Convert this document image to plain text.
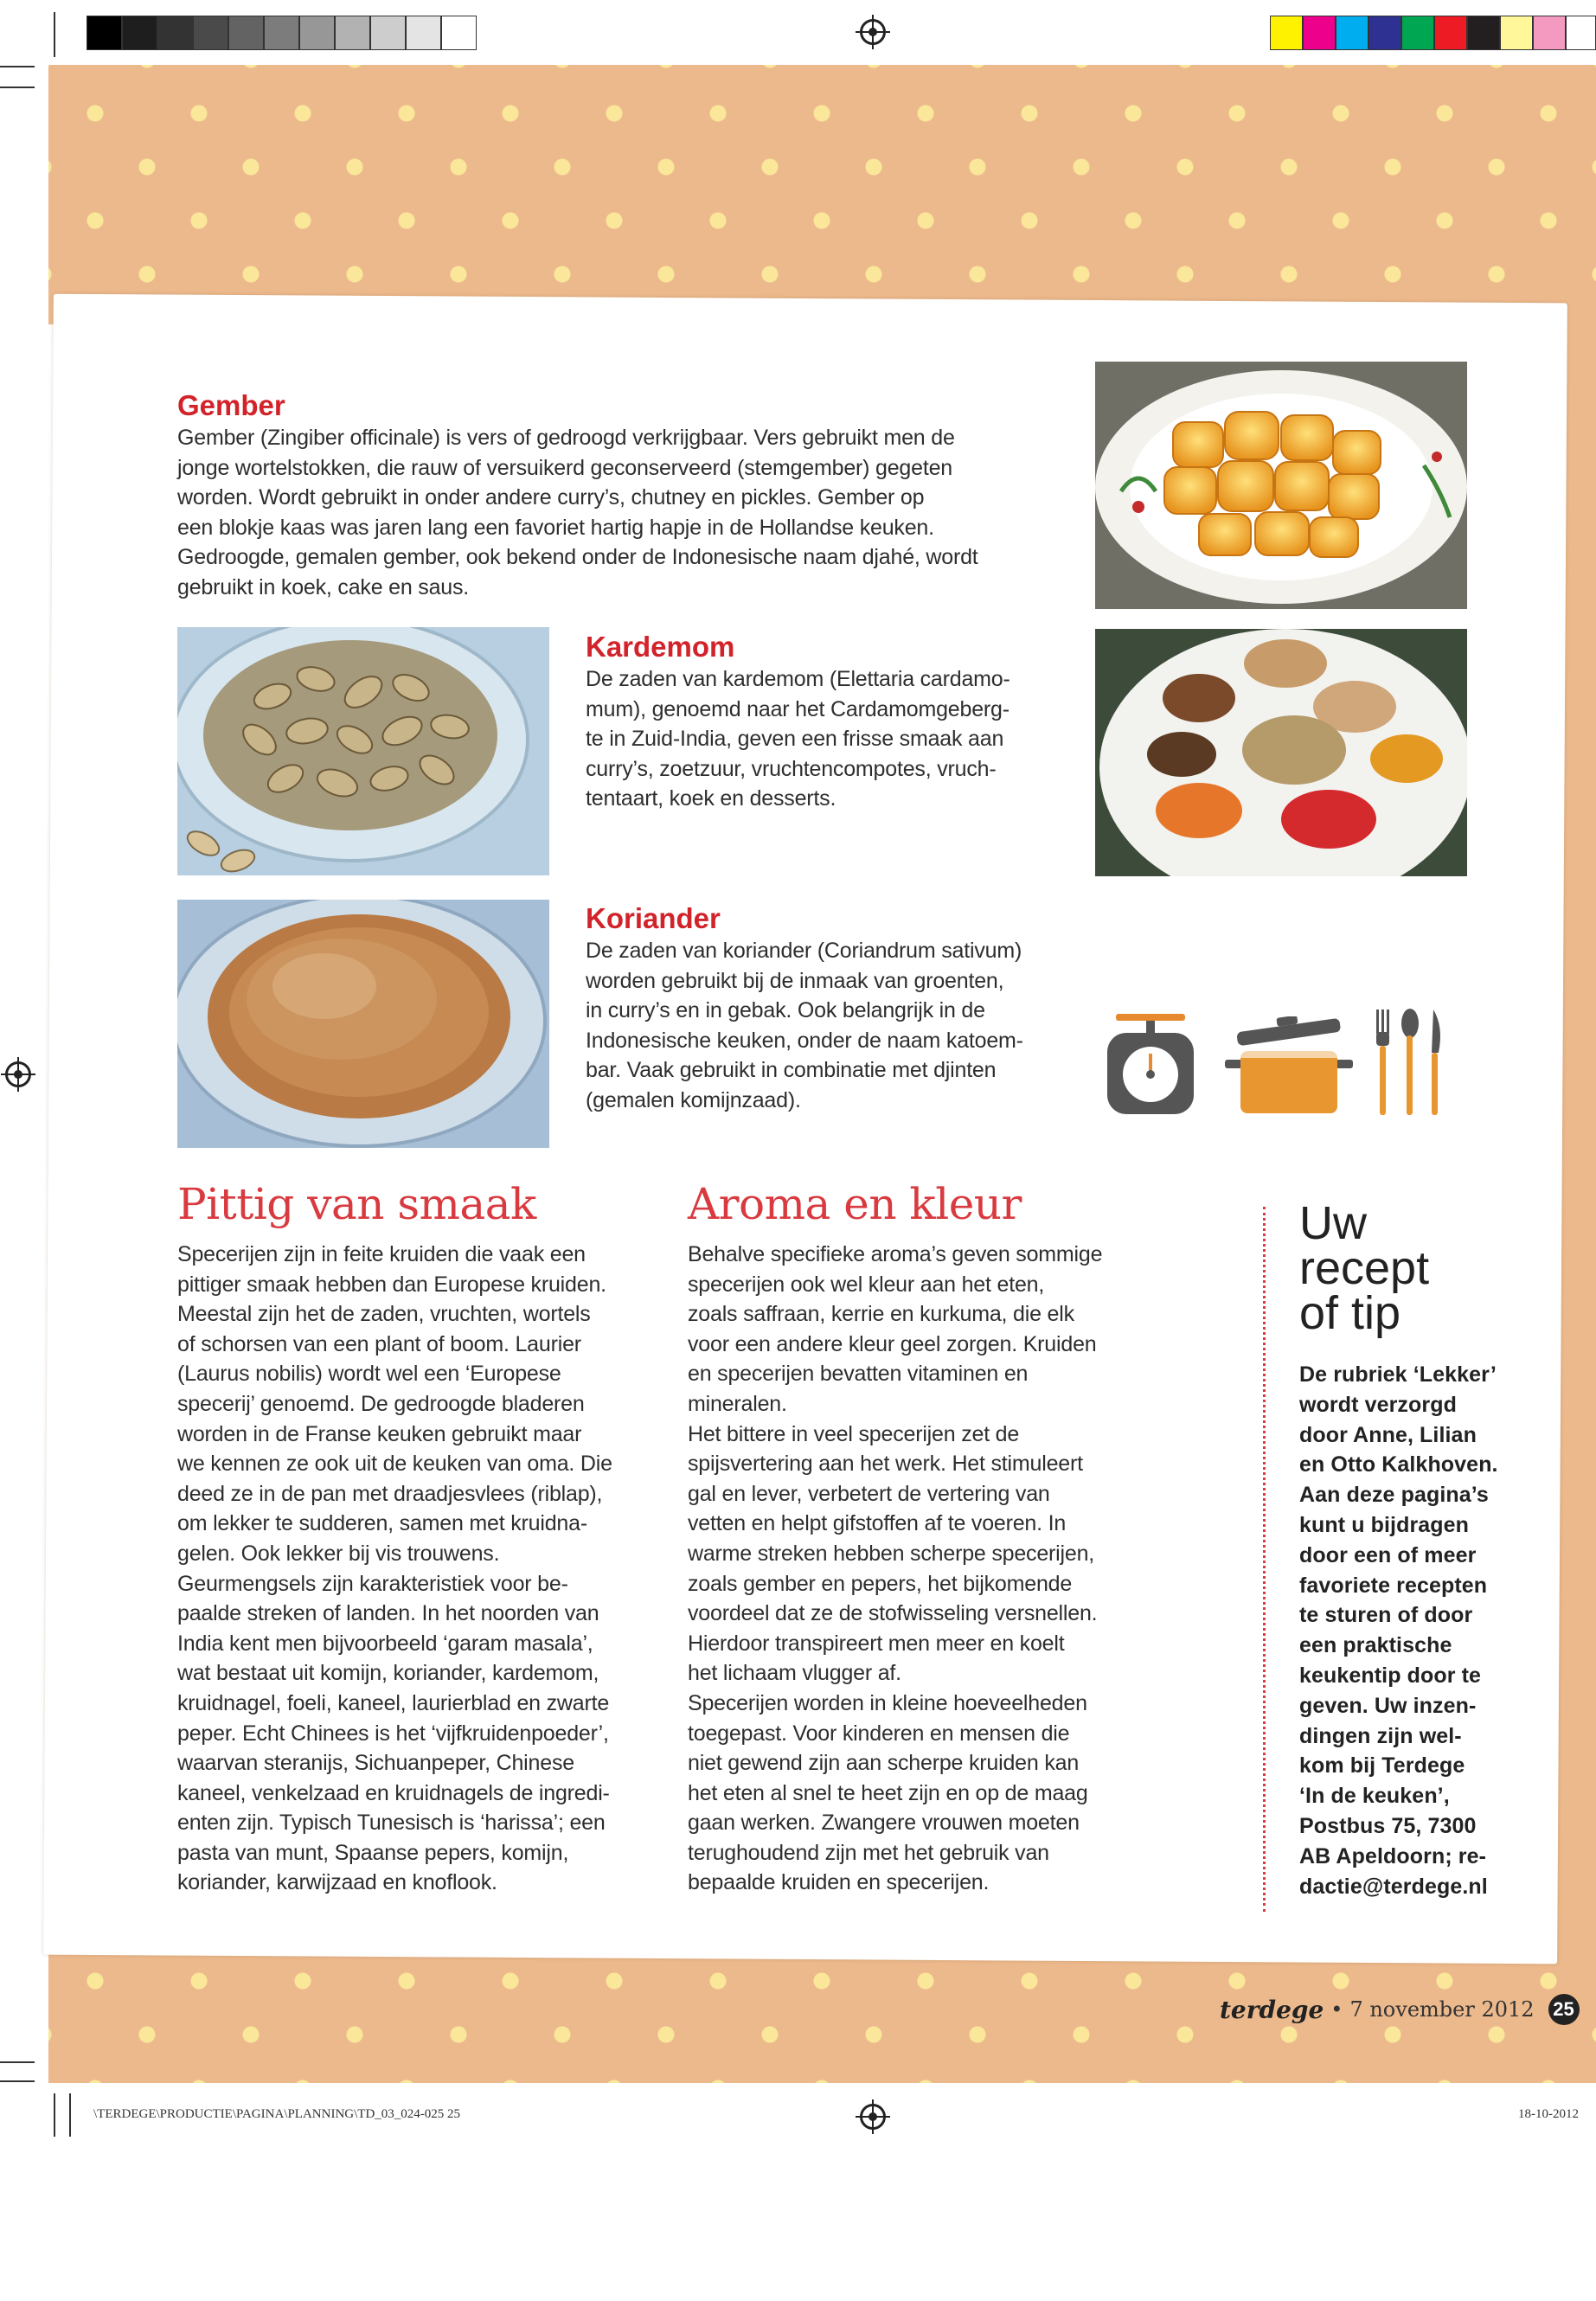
Gember
Gember (Zingiber officinale) is vers of gedroogd verkrijgbaar. Vers gebruikt men de
jonge wortelstokken, die rauw of versuikerd geconserveerd (stemgember) gegeten
worden. Wordt gebruikt in onder andere curry’s, chutney en pickles. Gember op
een blokje kaas was jaren lang een favoriet hartig hapje in de Hollandse keuken.
Gedroogde, gemalen gember, ook bekend onder de Indonesische naam djahé, wordt
gebruikt in koek, cake en saus.
Kardemom
De zaden van kardemom (Elettaria cardamo-
mum), genoemd naar het Cardamomgeberg-
te in Zuid-India, geven een frisse smaak aan
curry’s, zoetzuur, vruchtencompotes, vruch-
tentaart, koek en desserts.
Koriander
De zaden van koriander (Coriandrum sativum)
worden gebruikt bij de inmaak van groenten,
in curry’s en in gebak. Ook belangrijk in de
Indonesische keuken, onder de naam katoem-
bar. Vaak gebruikt in combinatie met djinten
(gemalen komijnzaad).
Pittig van smaak
Specerijen zijn in feite kruiden die vaak een
pittiger smaak hebben dan Europese kruiden.
Meestal zijn het de zaden, vruchten, wortels
of schorsen van een plant of boom. Laurier
(Laurus nobilis) wordt wel een ‘Europese
specerij’ genoemd. De gedroogde bladeren
worden in de Franse keuken gebruikt maar
we kennen ze ook uit de keuken van oma. Die
deed ze in de pan met draadjesvlees (riblap),
om lekker te sudderen, samen met kruidna-
gelen. Ook lekker bij vis trouwens.
Geurmengsels zijn karakteristiek voor be-
paalde streken of landen. In het noorden van
India kent men bijvoorbeeld ‘garam masala’,
wat bestaat uit komijn, koriander, kardemom,
kruidnagel, foeli, kaneel, laurierblad en zwarte
peper. Echt Chinees is het ‘vijfkruidenpoeder’,
waarvan steranijs, Sichuanpeper, Chinese
kaneel, venkelzaad en kruidnagels de ingredi-
enten zijn. Typisch Tunesisch is ‘harissa’; een
pasta van munt, Spaanse pepers, komijn,
koriander, karwijzaad en knoflook.
Aroma en kleur
Behalve specifieke aroma’s geven sommige
specerijen ook wel kleur aan het eten,
zoals saffraan, kerrie en kurkuma, die elk
voor een andere kleur geel zorgen. Kruiden
en specerijen bevatten vitaminen en
mineralen.
Het bittere in veel specerijen zet de
spijsvertering aan het werk. Het stimuleert
gal en lever, verbetert de vertering van
vetten en helpt gifstoffen af te voeren. In
warme streken hebben scherpe specerijen,
zoals gember en pepers, het bijkomende
voordeel dat ze de stofwisseling versnellen.
Hierdoor transpireert men meer en koelt
het lichaam vlugger af.
Specerijen worden in kleine hoeveelheden
toegepast. Voor kinderen en mensen die
niet gewend zijn aan scherpe kruiden kan
het eten al snel te heet zijn en op de maag
gaan werken. Zwangere vrouwen moeten
terughoudend zijn met het gebruik van
bepaalde kruiden en specerijen.
Uw
recept
of tip
De rubriek ‘Lekker’
wordt verzorgd
door Anne, Lilian
en Otto Kalkhoven.
Aan deze pagina’s
kunt u bijdragen
door een of meer
favoriete recepten
te sturen of door
een praktische
keukentip door te
geven. Uw inzen-
dingen zijn wel-
kom bij Terdege
‘In de keuken’,
Postbus 75, 7300
AB Apeldoorn; re-
dactie@terdege.nl
terdege • 7 november 2012 25
\TERDEGE\PRODUCTIE\PAGINA\PLANNING\TD_03_024-025 25	18-10-2012
